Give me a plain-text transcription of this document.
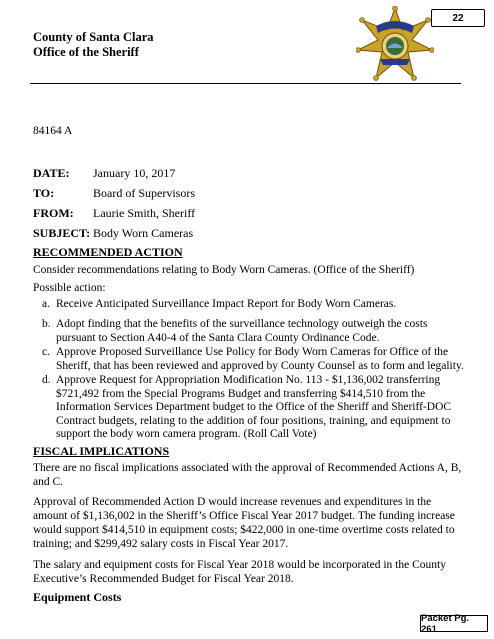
22
County of Santa Clara
Office of the Sheriff
84164 A
DATE: January 10, 2017
TO:	Board of Supervisors
FROM: Laurie Smith, Sheriff
SUBJECT: Body Worn Cameras
RECOMMENDED ACTION
Consider recommendations relating to Body Worn Cameras. (Office of the Sheriff)
Possible action:
a. Receive Anticipated Surveillance Impact Report for Body Worn Cameras.
b. Adopt finding that the benefits of the surveillance technology outweigh the costs
pursuant to Section A40-4 of the Santa Clara County Ordinance Code.
c. Approve Proposed Surveillance Use Policy for Body Worn Cameras for Office of the
Sheriff, that has been reviewed and approved by County Counsel as to form and legality.
d. Approve Request for Appropriation Modification No. 113 - $1,136,002 transferring
$721,492 from the Special Programs Budget and transferring $414,510 from the
Information Services Department budget to the Office of the Sheriff and Sheriff-DOC
Contract budgets, relating to the addition of four positions, training, and equipment to
support the body worn camera program. (Roll Call Vote)
FISCAL IMPLICATIONS
There are no fiscal implications associated with the approval of Recommended Actions A, B,
and C.
Approval of Recommended Action D would increase revenues and expenditures in the
amount of $1,136,002 in the Sheriff’s Office Fiscal Year 2017 budget. The funding increase
would support $414,510 in equipment costs; $422,000 in one-time overtime costs related to
training; and $299,492 salary costs in Fiscal Year 2017.
The salary and equipment costs for Fiscal Year 2018 would be incorporated in the County
Executive’s Recommended Budget for Fiscal Year 2018.
Equipment Costs
Packet Pg. 261
